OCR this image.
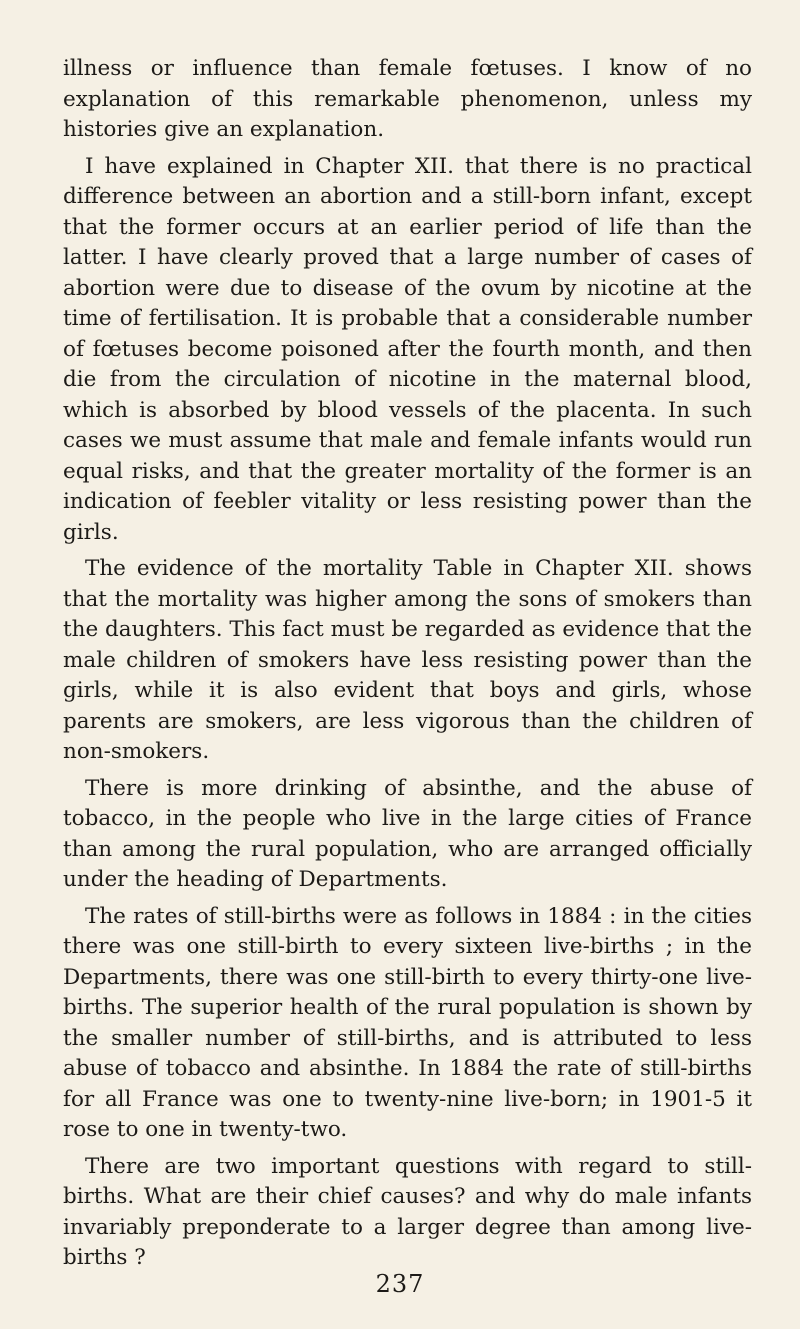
illness or influence than female fœtuses. I know of no explanation of this remarkable phenomenon, unless my histories give an explanation.

I have explained in Chapter XII. that there is no practical difference between an abortion and a still-born infant, except that the former occurs at an earlier period of life than the latter. I have clearly proved that a large number of cases of abortion were due to disease of the ovum by nicotine at the time of fertilisation. It is probable that a considerable number of fœtuses become poisoned after the fourth month, and then die from the circulation of nicotine in the maternal blood, which is absorbed by blood vessels of the placenta. In such cases we must assume that male and female infants would run equal risks, and that the greater mortality of the former is an indication of feebler vitality or less resisting power than the girls.

The evidence of the mortality Table in Chapter XII. shows that the mortality was higher among the sons of smokers than the daughters. This fact must be regarded as evidence that the male children of smokers have less resisting power than the girls, while it is also evident that boys and girls, whose parents are smokers, are less vigorous than the children of non-smokers.

There is more drinking of absinthe, and the abuse of tobacco, in the people who live in the large cities of France than among the rural population, who are arranged officially under the heading of Departments.

The rates of still-births were as follows in 1884 : in the cities there was one still-birth to every sixteen live-births ; in the Departments, there was one still-birth to every thirty-one live-births. The superior health of the rural population is shown by the smaller number of still-births, and is attributed to less abuse of tobacco and absinthe. In 1884 the rate of still-births for all France was one to twenty-nine live-born; in 1901-5 it rose to one in twenty-two.

There are two important questions with regard to still-births. What are their chief causes? and why do male infants invariably preponderate to a larger degree than among live-births ?

237
